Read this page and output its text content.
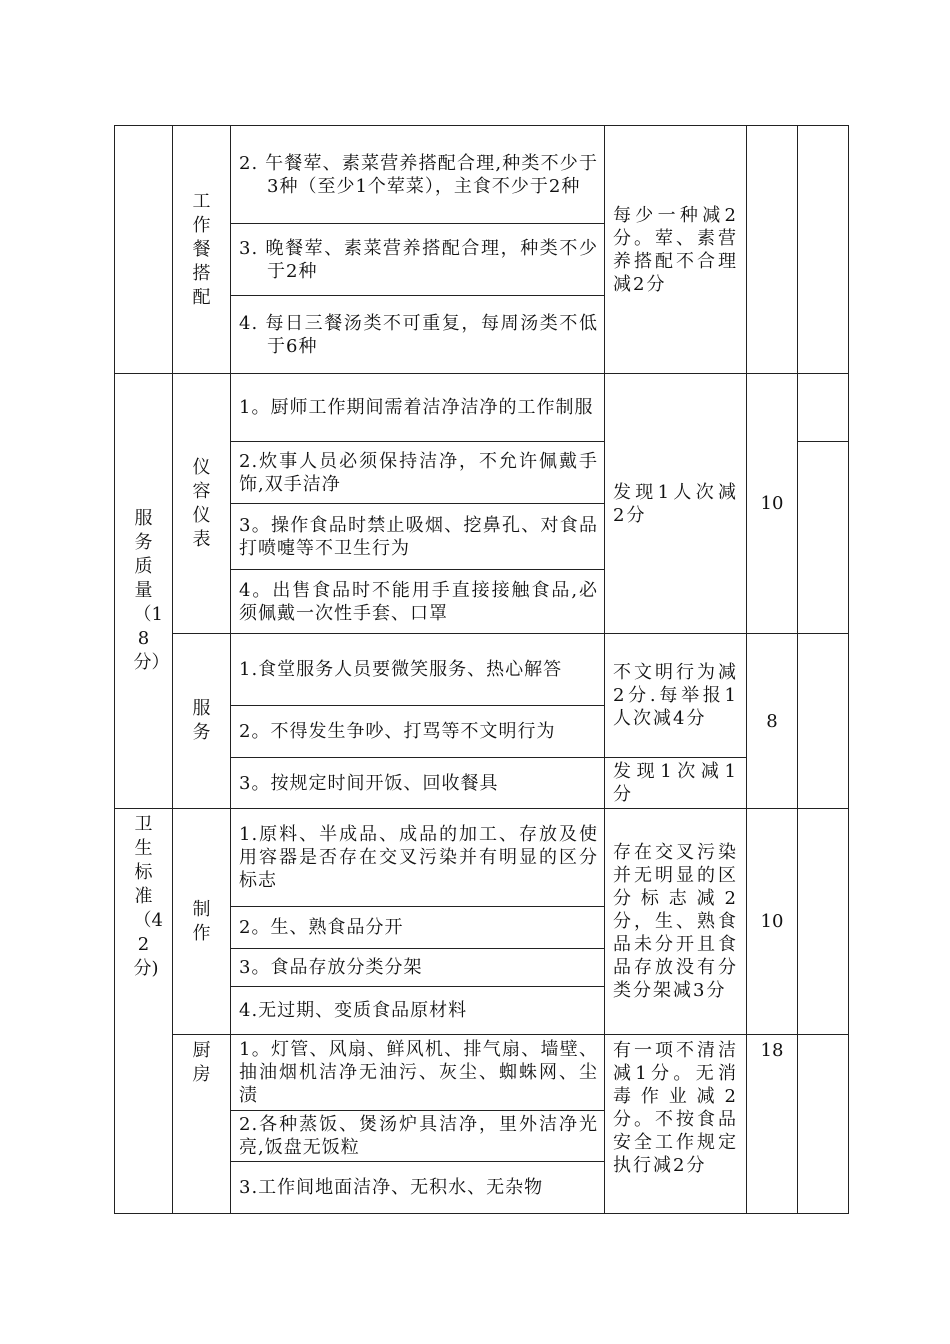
	工作餐搭配	2. 午餐荤、素菜营养搭配合理,种类不少于3种（至少1个荤菜），主食不少于2种	每少一种减2分。荤、素营养搭配不合理减2分		
		3. 晚餐荤、素菜营养搭配合理，种类不少于2种			
		4. 每日三餐汤类不可重复，每周汤类不低于6种			
服务质量（18分）	仪容仪表	1。厨师工作期间需着洁净洁净的工作制服	发现1人次减2分	10	
		2.炊事人员必须保持洁净，不允许佩戴手饰,双手洁净			
		3。操作食品时禁止吸烟、挖鼻孔、对食品打喷嚏等不卫生行为			
		4。出售食品时不能用手直接接触食品,必须佩戴一次性手套、口罩			
	服务	1.食堂服务人员要微笑服务、热心解答	不文明行为减2分.每举报1人次减4分	8	
		2。不得发生争吵、打骂等不文明行为			
		3。按规定时间开饭、回收餐具	发现1次减1分		
卫生标准（42分)	制作	1.原料、半成品、成品的加工、存放及使用容器是否存在交叉污染并有明显的区分标志	存在交叉污染并无明显的区分标志减2分，生、熟食品未分开且食品存放没有分类分架减3分	10	
		2。生、熟食品分开			
		3。食品存放分类分架			
		4.无过期、变质食品原材料			
	厨房	1。灯管、风扇、鲜风机、排气扇、墙壁、抽油烟机洁净无油污、灰尘、蜘蛛网、尘渍	有一项不清洁减1分。无消毒作业减2分。不按食品安全工作规定执行减2分	18	
		2.各种蒸饭、煲汤炉具洁净，里外洁净光亮,饭盘无饭粒			
		3.工作间地面洁净、无积水、无杂物			
